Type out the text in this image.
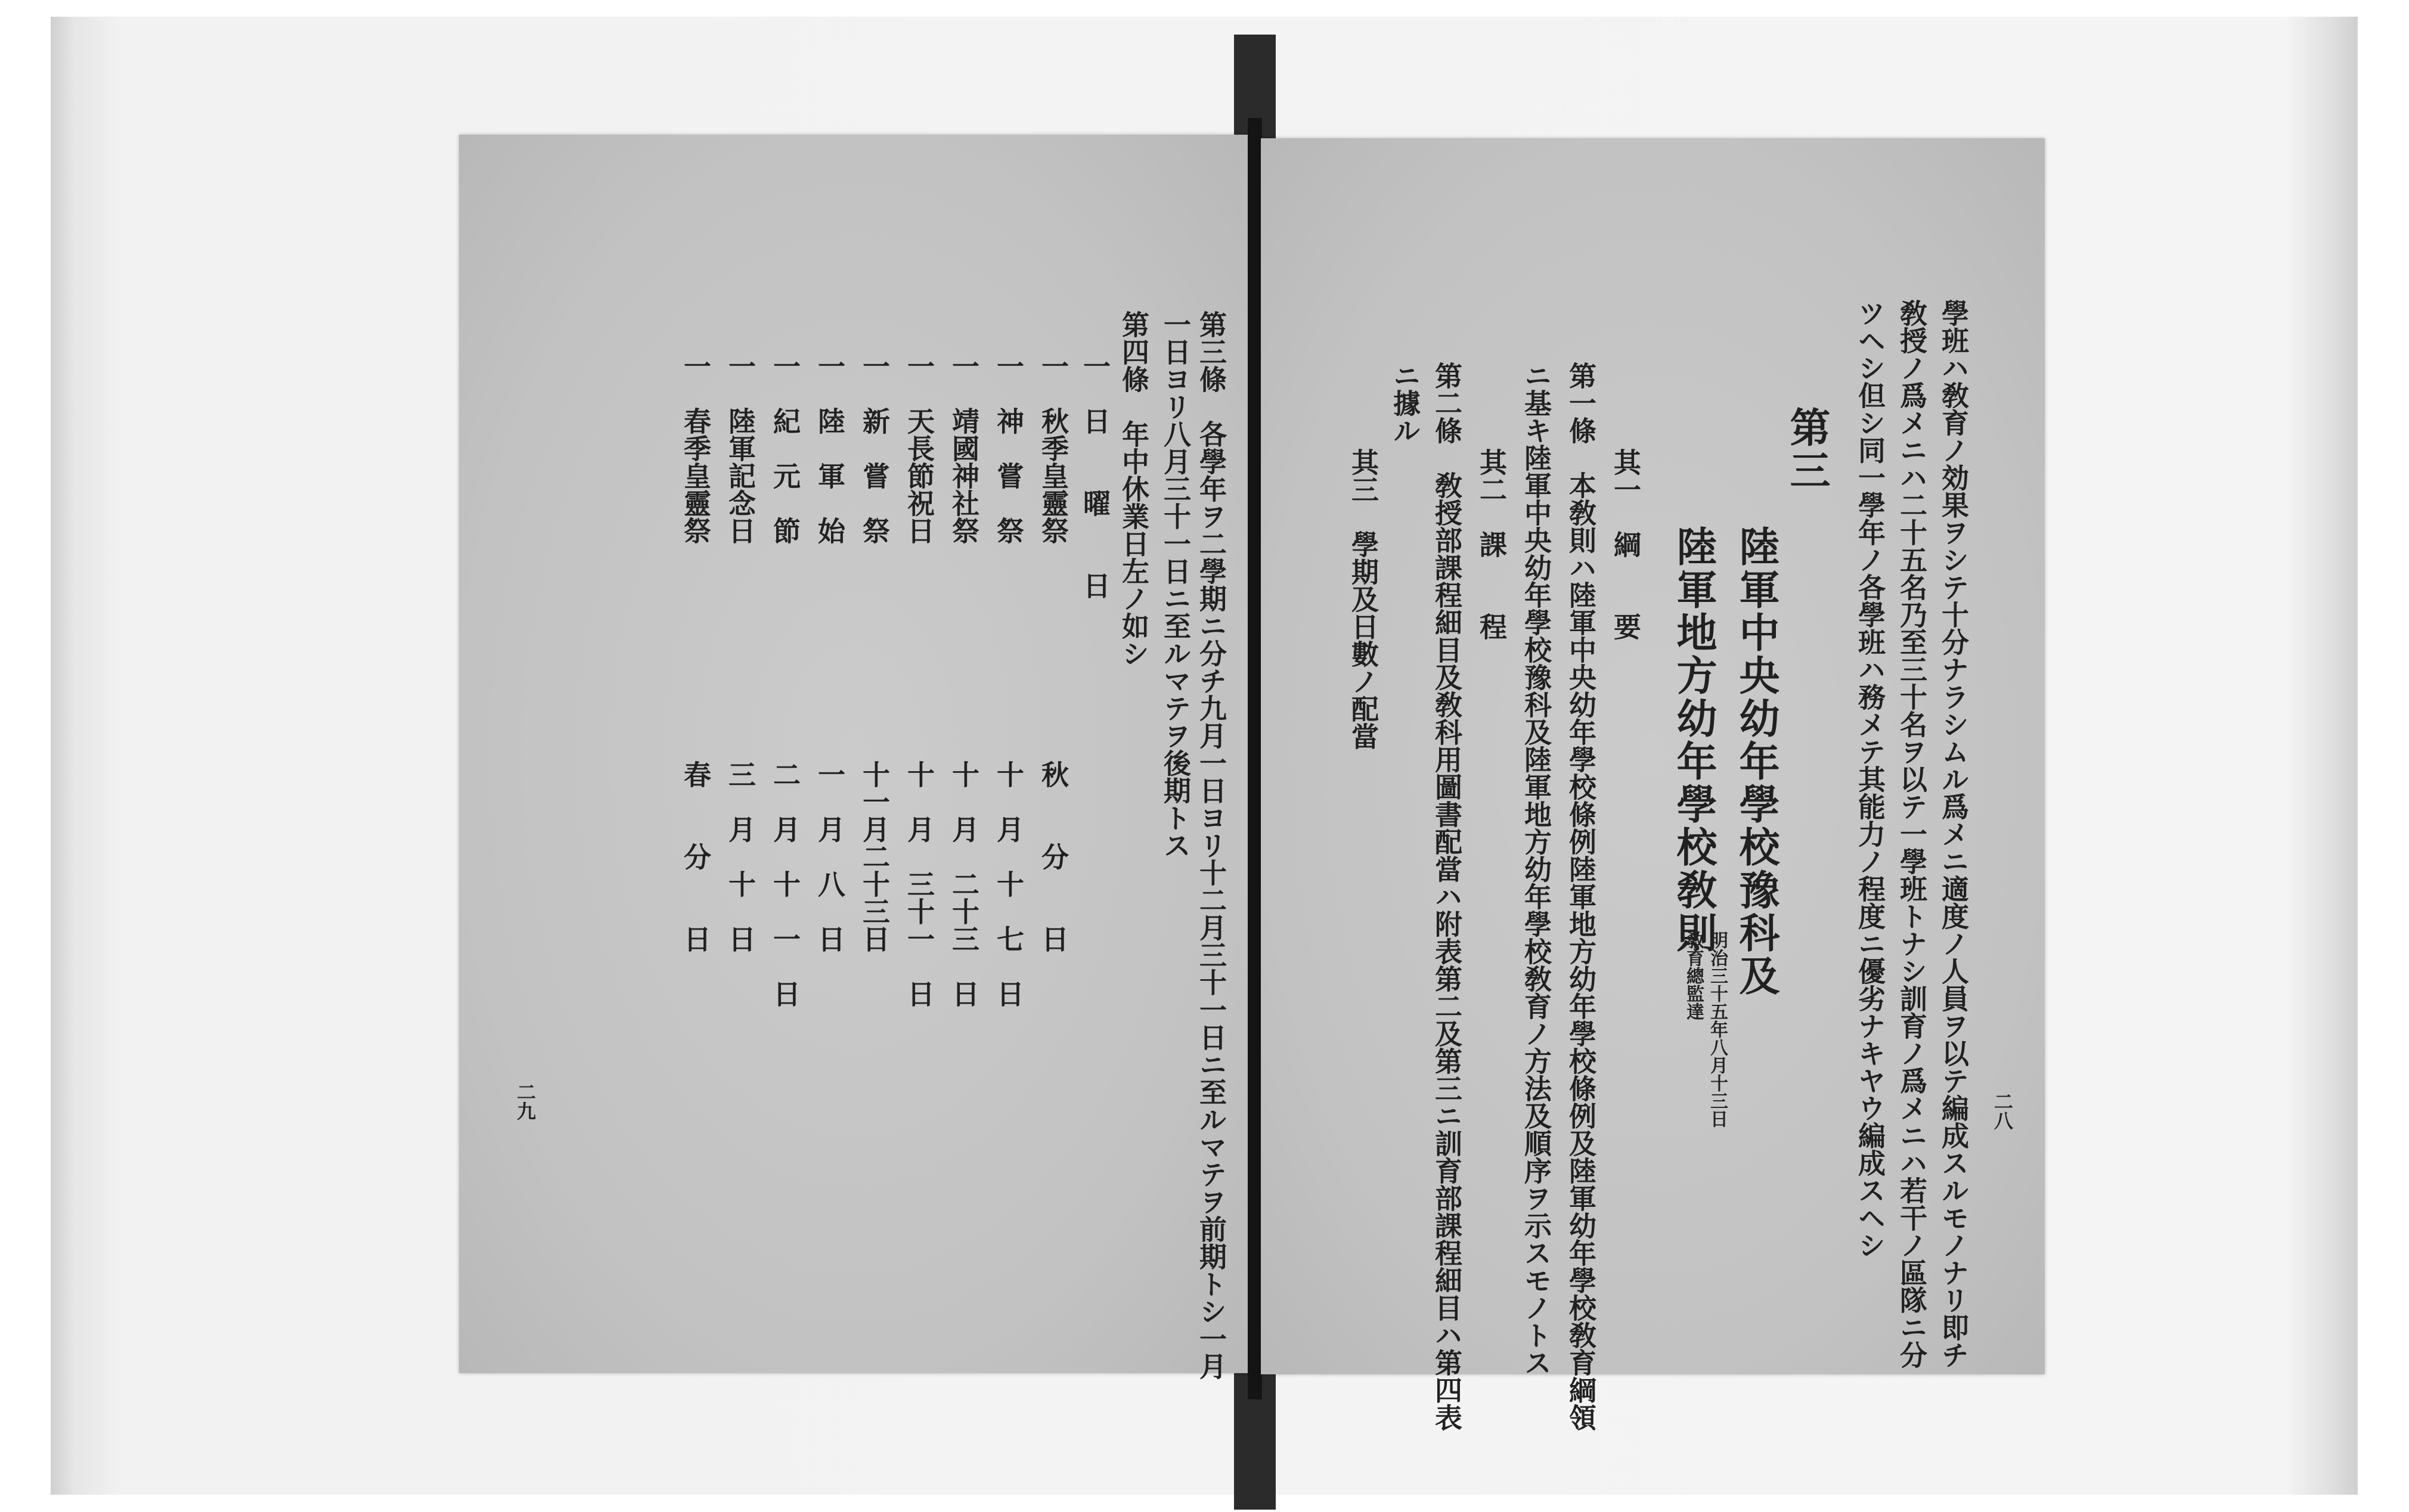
第三條　各學年ヲ二學期ニ分チ九月一日ヨリ十二月三十一日ニ至ルマテヲ前期トシ一月
一日ヨリ八月三十一日ニ至ルマテヲ後期トス
第四條　年中休業日左ノ如シ
一　日　　曜　　日
一　秋季皇靈祭
一　神　嘗　祭
一　靖國神社祭
一　天長節祝日
一　新　嘗　祭
一　陸　軍　始
一　紀　元　節
一　陸軍記念日
一　春季皇靈祭
秋　　分　　日
十　月　十　七　日
十　月　二十三　日
十　月　三十一　日
十一月二十三日
一　月　八　日
二　月　十　一　日
三　月　十　日
春　　分　　日
二九	二八
學班ハ敎育ノ効果ヲシテ十分ナラシムル爲メニ適度ノ人員ヲ以テ編成スルモノナリ即チ
敎授ノ爲メニハ二十五名乃至三十名ヲ以テ一學班トナシ訓育ノ爲メニハ若干ノ區隊ニ分
ツヘシ但シ同一學年ノ各學班ハ務メテ其能力ノ程度ニ優劣ナキヤウ編成スヘシ
第三
陸軍中央幼年學校豫科及
陸軍地方幼年學校敎則
明治三十五年八月十三日
敎育總監達
其一　綱　　要
第一條　本敎則ハ陸軍中央幼年學校條例陸軍地方幼年學校條例及陸軍幼年學校敎育綱領
ニ基キ陸軍中央幼年學校豫科及陸軍地方幼年學校敎育ノ方法及順序ヲ示スモノトス
其二　課　　程
第二條　敎授部課程細目及敎科用圖書配當ハ附表第二及第三ニ訓育部課程細目ハ第四表
ニ據ル
其三　學期及日數ノ配當
